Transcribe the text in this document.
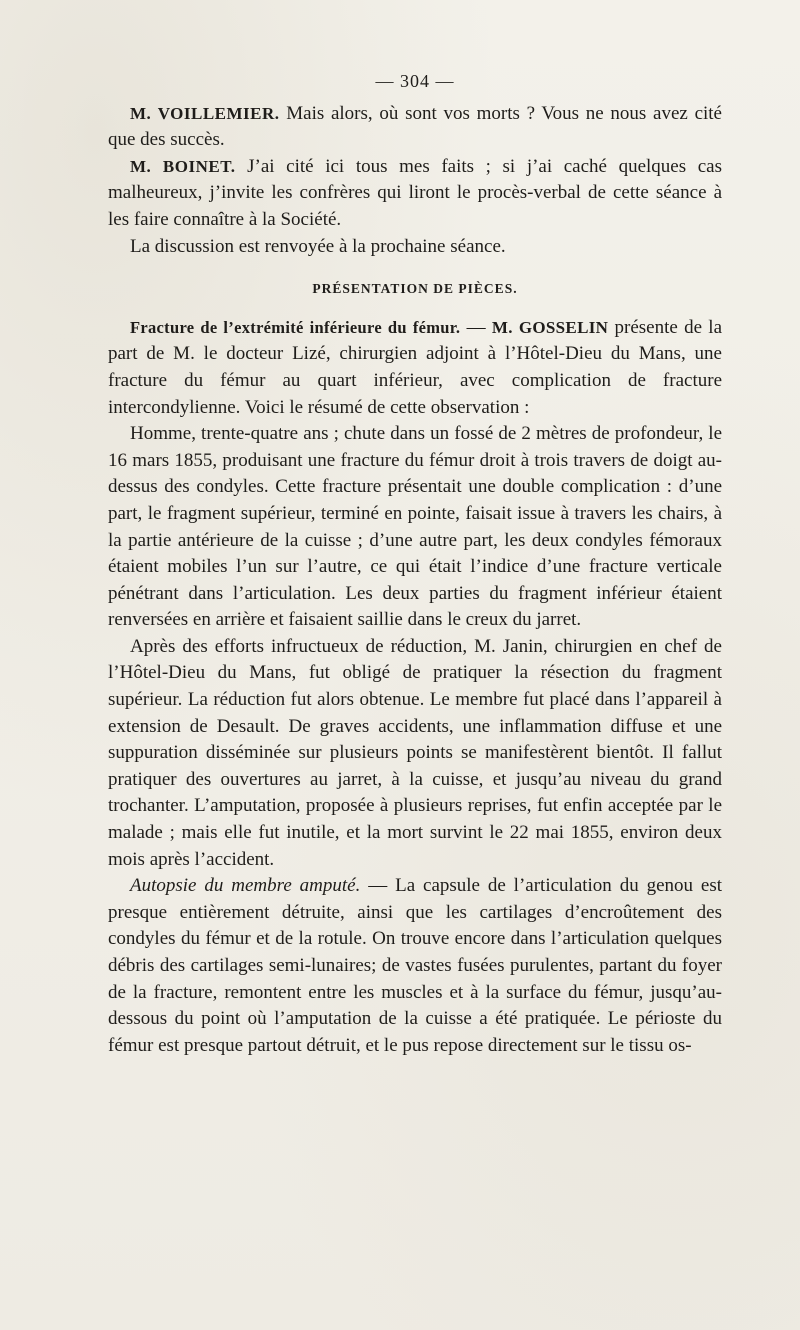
— 304 —

M. VOILLEMIER. Mais alors, où sont vos morts ? Vous ne nous avez cité que des succès.

M. BOINET. J’ai cité ici tous mes faits ; si j’ai caché quelques cas malheureux, j’invite les confrères qui liront le procès-verbal de cette séance à les faire connaître à la Société.

La discussion est renvoyée à la prochaine séance.

PRÉSENTATION DE PIÈCES.

Fracture de l’extrémité inférieure du fémur. — M. GOSSELIN présente de la part de M. le docteur Lizé, chirurgien adjoint à l’Hôtel-Dieu du Mans, une fracture du fémur au quart inférieur, avec complication de fracture intercondylienne. Voici le résumé de cette observation :

Homme, trente-quatre ans ; chute dans un fossé de 2 mètres de profondeur, le 16 mars 1855, produisant une fracture du fémur droit à trois travers de doigt au-dessus des condyles. Cette fracture présentait une double complication : d’une part, le fragment supérieur, terminé en pointe, faisait issue à travers les chairs, à la partie antérieure de la cuisse ; d’une autre part, les deux condyles fémoraux étaient mobiles l’un sur l’autre, ce qui était l’indice d’une fracture verticale pénétrant dans l’articulation. Les deux parties du fragment inférieur étaient renversées en arrière et faisaient saillie dans le creux du jarret.

Après des efforts infructueux de réduction, M. Janin, chirurgien en chef de l’Hôtel-Dieu du Mans, fut obligé de pratiquer la résection du fragment supérieur. La réduction fut alors obtenue. Le membre fut placé dans l’appareil à extension de Desault. De graves accidents, une inflammation diffuse et une suppuration disséminée sur plusieurs points se manifestèrent bientôt. Il fallut pratiquer des ouvertures au jarret, à la cuisse, et jusqu’au niveau du grand trochanter. L’amputation, proposée à plusieurs reprises, fut enfin acceptée par le malade ; mais elle fut inutile, et la mort survint le 22 mai 1855, environ deux mois après l’accident.

Autopsie du membre amputé. — La capsule de l’articulation du genou est presque entièrement détruite, ainsi que les cartilages d’encroûtement des condyles du fémur et de la rotule. On trouve encore dans l’articulation quelques débris des cartilages semi-lunaires; de vastes fusées purulentes, partant du foyer de la fracture, remontent entre les muscles et à la surface du fémur, jusqu’au-dessous du point où l’amputation de la cuisse a été pratiquée. Le périoste du fémur est presque partout détruit, et le pus repose directement sur le tissu os-
